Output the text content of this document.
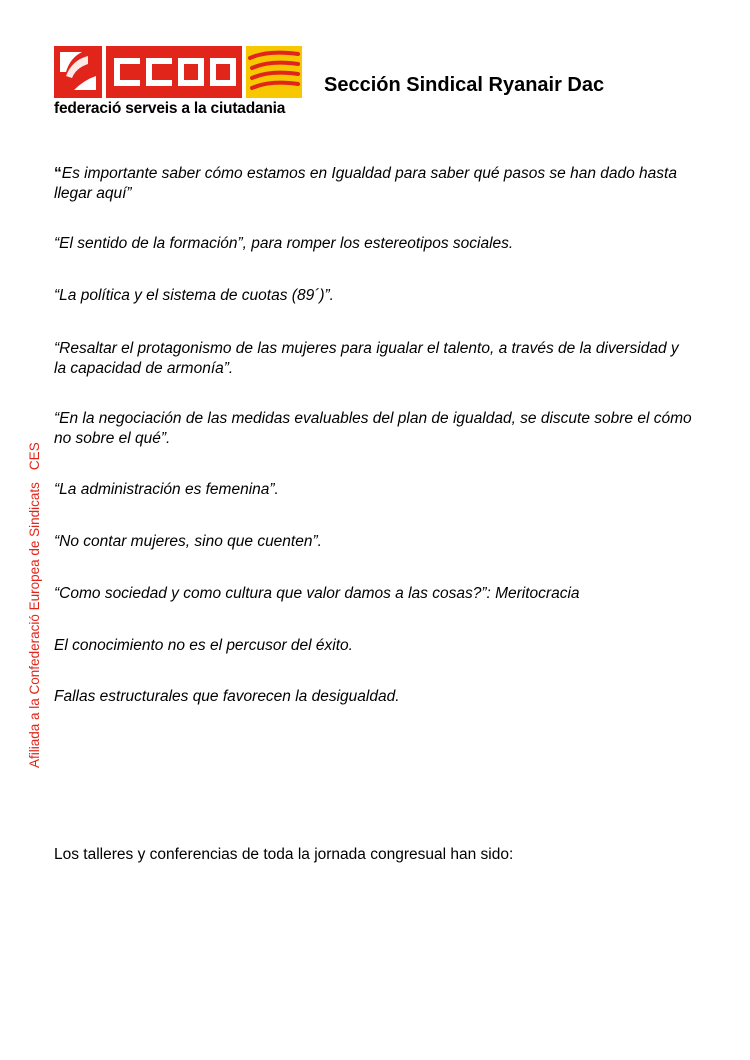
federació serveis a la ciutadania
Sección Sindical Ryanair Dac
Afiliada a la Confederació Europea de SindicatsCES
“Es importante saber cómo estamos en Igualdad para saber qué pasos se han dado hasta llegar aquí”
“El sentido de la formación”, para romper los estereotipos sociales.
“La política y el sistema de cuotas (89´)”.
“Resaltar el protagonismo de las mujeres para igualar el talento, a través de la diversidad y la capacidad de armonía”.
“En la negociación de las medidas evaluables del plan de igualdad, se discute sobre el cómo no sobre el qué”.
“La administración es femenina”.
“No contar mujeres, sino que cuenten”.
“Como sociedad y como cultura que valor damos a las cosas?”: Meritocracia
El conocimiento no es el percusor del éxito.
Fallas estructurales que favorecen la desigualdad.
Los talleres y conferencias de toda la jornada congresual han sido:
